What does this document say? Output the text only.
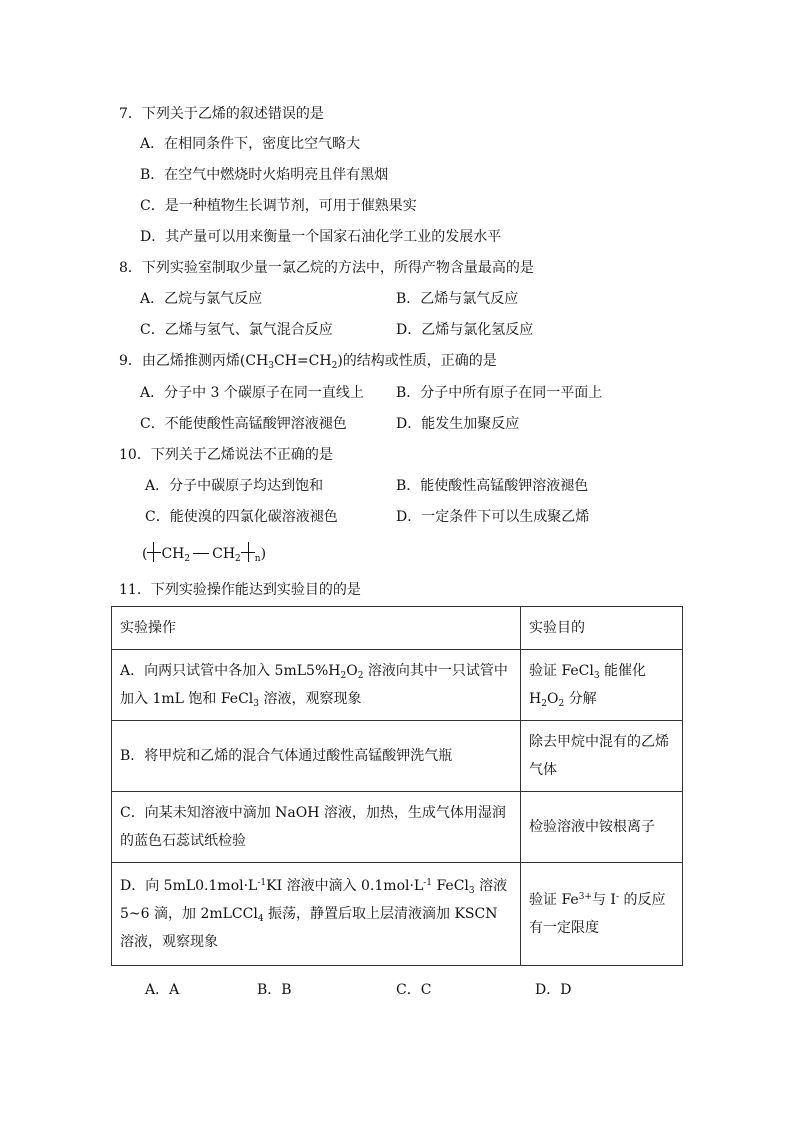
7．下列关于乙烯的叙述错误的是
A．在相同条件下，密度比空气略大
B．在空气中燃烧时火焰明亮且伴有黑烟
C．是一种植物生长调节剂，可用于催熟果实
D．其产量可以用来衡量一个国家石油化学工业的发展水平
8．下列实验室制取少量一氯乙烷的方法中，所得产物含量最高的是
A．乙烷与氯气反应	B．乙烯与氯气反应
C．乙烯与氢气、氯气混合反应	D．乙烯与氯化氢反应
9．由乙烯推测丙烯$(CH_3CH=CH_2)$的结构或性质，正确的是
A．分子中 3 个碳原子在同一直线上 B．分子中所有原子在同一平面上
C．不能使酸性高锰酸钾溶液褪色	D．能发生加聚反应
10．下列关于乙烯说法不正确的是
A．分子中碳原子均达到饱和	B．能使酸性高锰酸钾溶液褪色
C．能使溴的四氯化碳溶液褪色	D．一定条件下可以生成聚乙烯
( $CH_2$ $CH_2$ $_n$)
11．下列实验操作能达到实验目的的是
实验操作	实验目的
A．向两只试管中各加入 $5mL5\%H_2O_2$ 溶液向其中一只试管中加入 1mL 饱和 FeCl$_3$ 溶液，观察现象	验证 FeCl$_3$ 能催化 $H_2O_2$ 分解
B．将甲烷和乙烯的混合气体通过酸性高锰酸钾洗气瓶	除去甲烷中混有的乙烯气体
C．向某未知溶液中滴加 NaOH 溶液，加热，生成气体用湿润的蓝色石蕊试纸检验	检验溶液中铵根离子
D．向 $5mL0.1mol\cdot L^{-1}KI$ 溶液中滴入 $0.1mol\cdot L^{-1}$ FeCl$_3$ 溶液 5~6 滴，加 2mLCCl$_4$ 振荡，静置后取上层清液滴加 KSCN 溶液，观察现象	验证 $Fe^{3+}$与 I- 的反应有一定限度
A．A	B．B	C．C	D．D
